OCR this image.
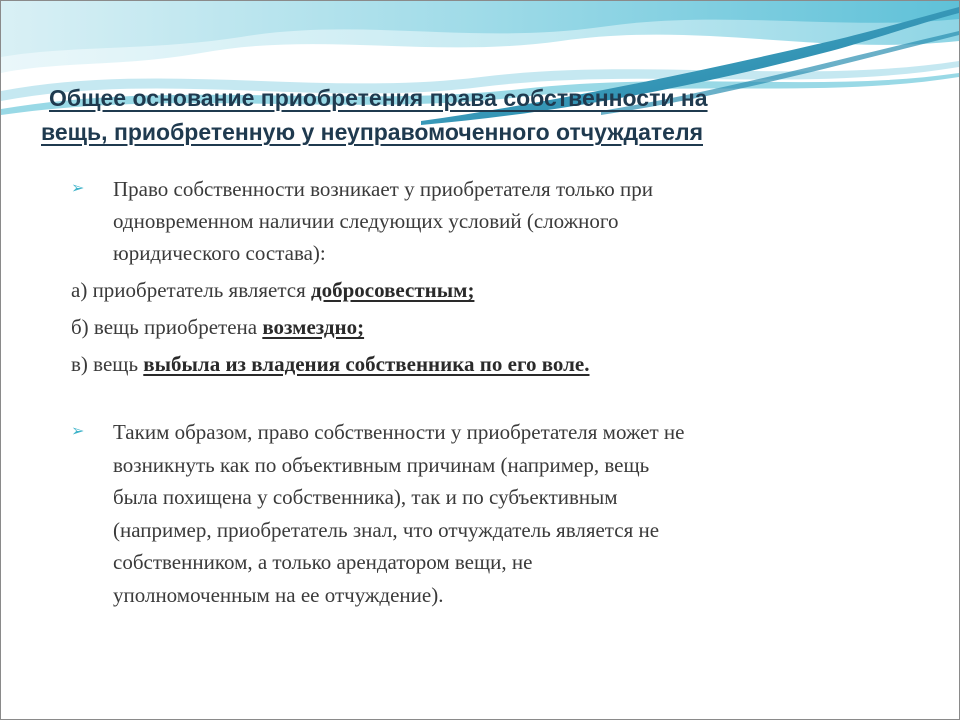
Общее основание приобретения права собственности на
вещь, приобретенную у неуправомоченного отчуждателя
➢	Право собственности возникает у приобретателя только при
одновременном наличии следующих условий (сложного
юридического состава):
а) приобретатель является добросовестным;
б) вещь приобретена возмездно;
в) вещь выбыла из владения собственника по его воле.
➢	Таким образом, право собственности у приобретателя может не
возникнуть как по объективным причинам (например, вещь
была похищена у собственника), так и по субъективным
(например, приобретатель знал, что отчуждатель является не
собственником, а только арендатором вещи, не
уполномоченным на ее отчуждение).
